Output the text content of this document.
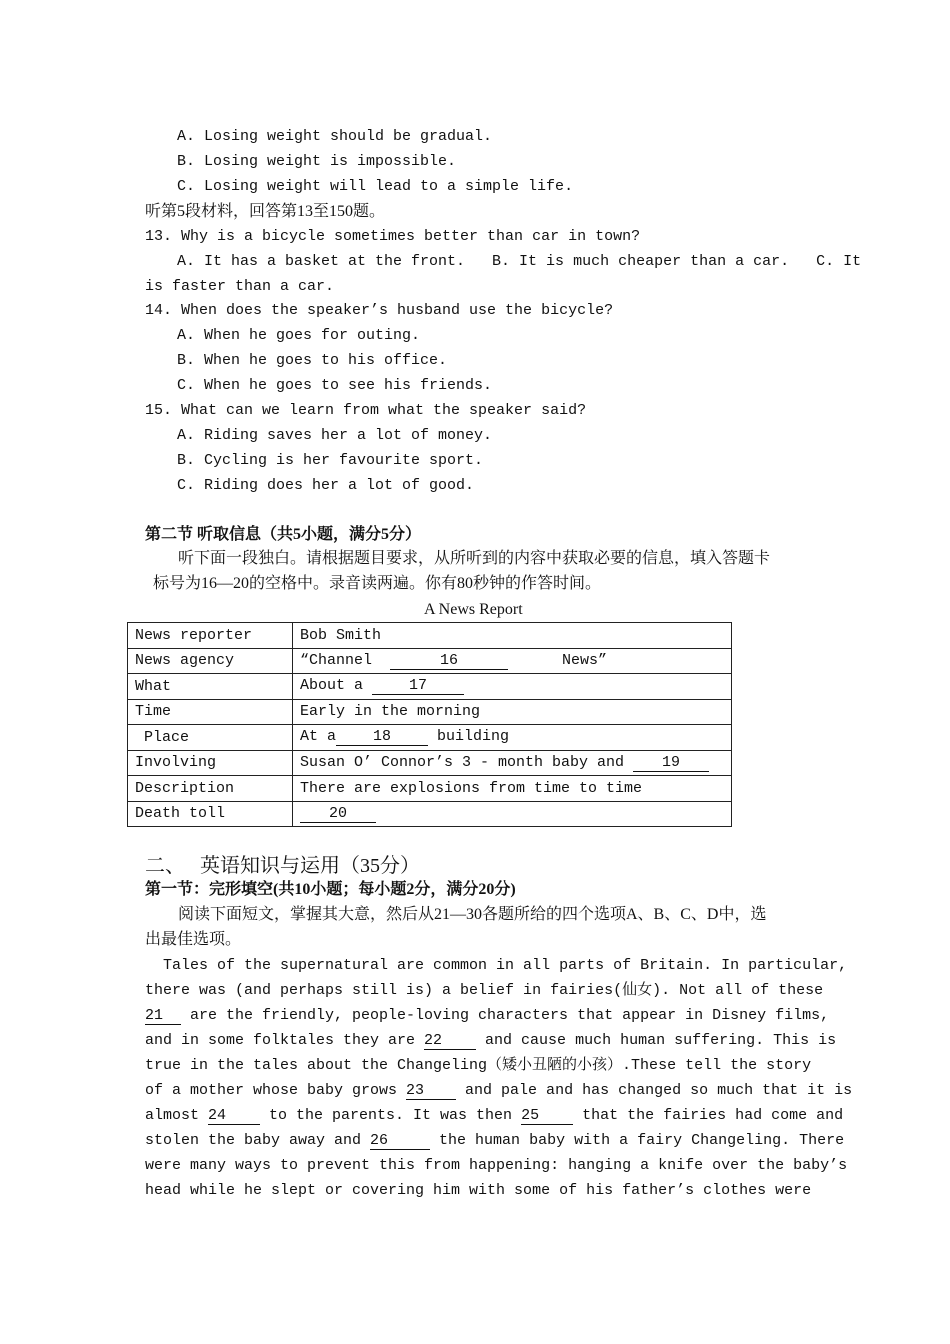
A. Losing weight should be gradual.
B. Losing weight is impossible.
C. Losing weight will lead to a simple life.
听第5段材料，回答第13至150题。
13. Why is a bicycle sometimes better than car in town?
A. It has a basket at the front.   B. It is much cheaper than a car.   C. It
is faster than a car.
14. When does the speaker’s husband use the bicycle?
A. When he goes for outing.
B. When he goes to his office.
C. When he goes to see his friends.
15. What can we learn from what the speaker said?
A. Riding saves her a lot of money.
B. Cycling is her favourite sport.
C. Riding does her a lot of good.
第二节 听取信息（共5小题，满分5分）
听下面一段独白。请根据题目要求，从所听到的内容中获取必要的信息，填入答题卡
标号为16—20的空格中。录音读两遍。你有80秒钟的作答时间。
A News Report
News reporter	Bob Smith
News agency	“Channel 16 News”
What	About a 17
Time	Early in the morning
Place	At a 18 building
Involving	Susan O’ Connor’s 3 - month baby and 19
Description	There are explosions from time to time
Death toll	20
二、   英语知识与运用（35分）
第一节：完形填空(共10小题；每小题2分，满分20分)
阅读下面短文，掌握其大意，然后从21—30各题所给的四个选项A、B、C、D中，选
出最佳选项。
Tales of the supernatural are common in all parts of Britain. In particular,
there was (and perhaps still is) a belief in fairies(仙女). Not all of these
21 are the friendly, people-loving characters that appear in Disney films,
and in some folktales they are 22 and cause much human suffering. This is
true in the tales about the Changeling（矮小丑陋的小孩）.These tell the story
of a mother whose baby grows 23 and pale and has changed so much that it is
almost 24 to the parents. It was then 25 that the fairies had come and
stolen the baby away and 26	the human baby with a fairy Changeling. There
were many ways to prevent this from happening: hanging a knife over the baby’s
head while he slept or covering him with some of his father’s clothes were
